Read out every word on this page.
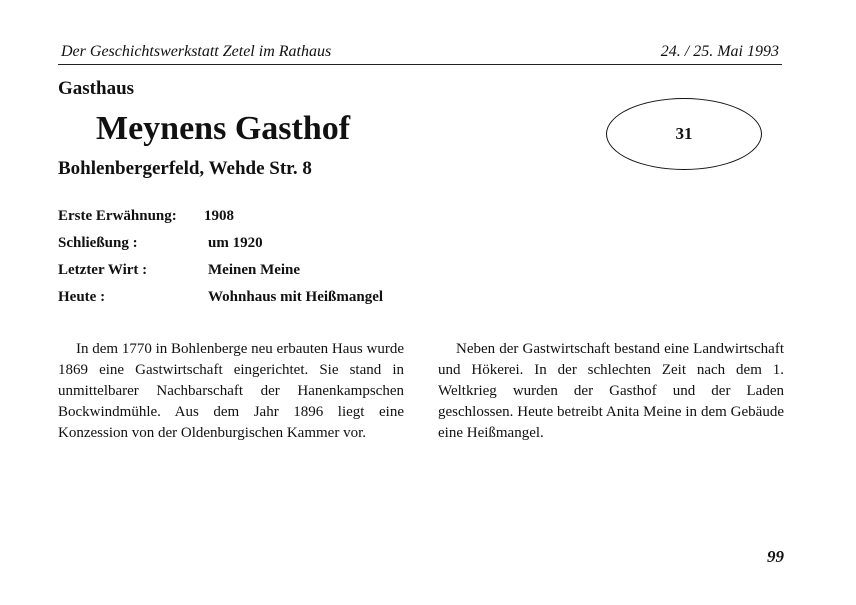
Der Geschichtswerkstatt Zetel im Rathaus	24. / 25. Mai 1993
Gasthaus
Meynens Gasthof
Bohlenbergerfeld, Wehde Str. 8
31
Erste Erwähnung: 1908
Schließung :	um 1920
Letzter Wirt :	Meinen Meine
Heute :	Wohnhaus mit Heißmangel

In dem 1770 in Bohlenberge neu erbauten Haus wurde 1869 eine Gastwirtschaft eingerichtet. Sie stand in unmittelbarer Nachbarschaft der Hanenkampschen Bockwindmühle. Aus dem Jahr 1896 liegt eine Konzession von der Oldenburgischen Kammer vor.

Neben der Gastwirtschaft bestand eine Landwirtschaft und Hökerei. In der schlechten Zeit nach dem 1. Weltkrieg wurden der Gasthof und der Laden geschlossen. Heute betreibt Anita Meine in dem Gebäude eine Heißmangel.

99
